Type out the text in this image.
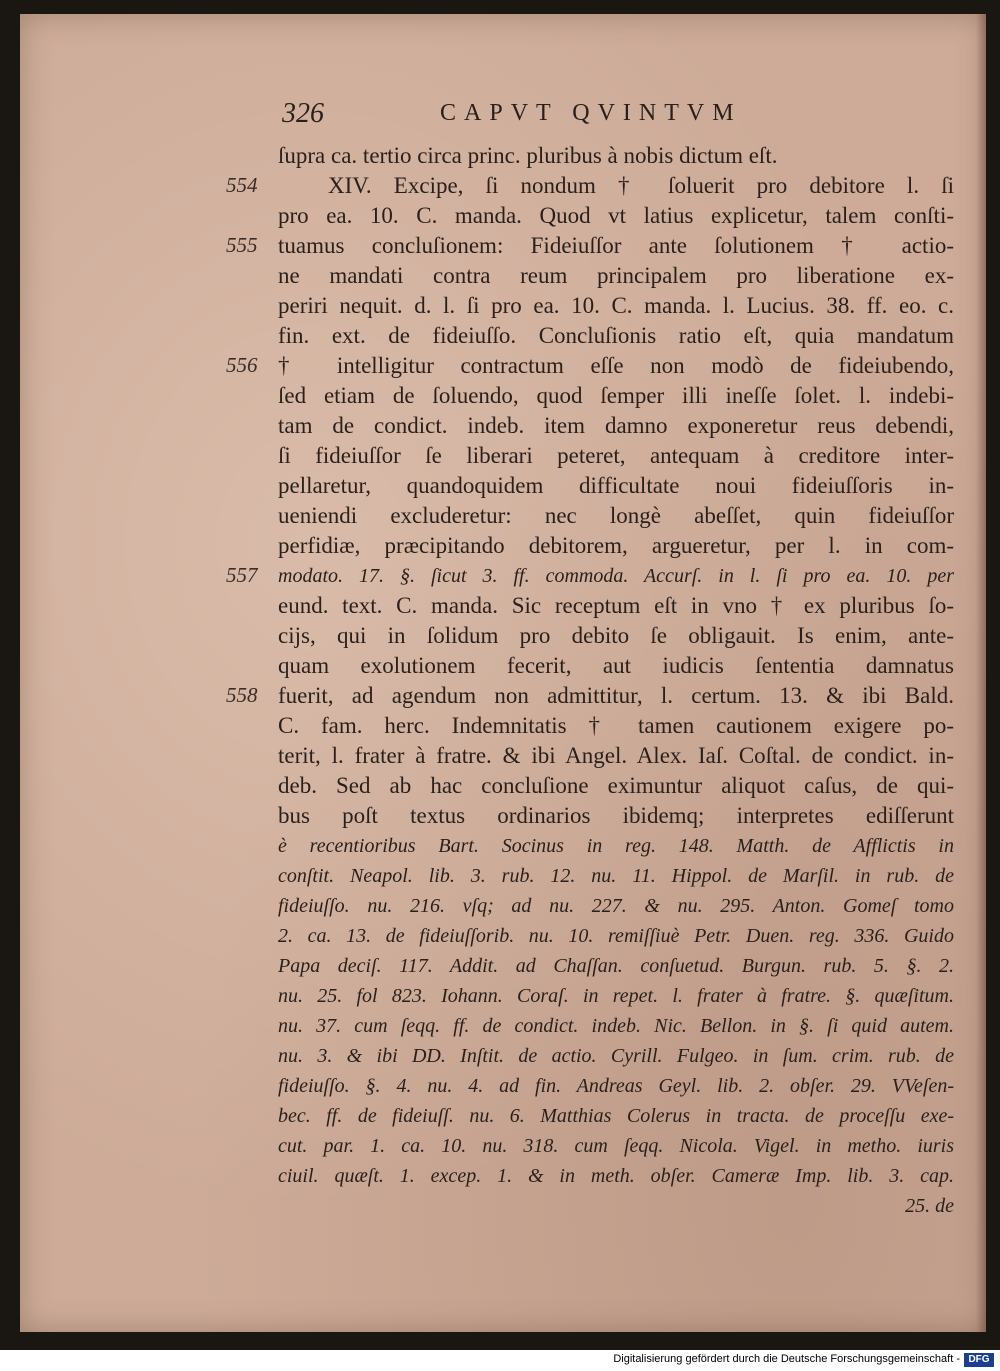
326	CAPVT QVINTVM
554
555
556
557
558
ſupra ca. tertio circa princ. pluribus à nobis dictum eſt.
XIV. Excipe, ſi nondum † ſoluerit pro debitore l. ſi
pro ea. 10. C. manda. Quod vt latius explicetur, talem conſti-
tuamus concluſionem: Fideiuſſor ante ſolutionem † actio-
ne mandati contra reum principalem pro liberatione ex-
periri nequit. d. l. ſi pro ea. 10. C. manda. l. Lucius. 38. ff. eo. c.
fin. ext. de fideiuſſo. Concluſionis ratio eſt, quia mandatum
† intelligitur contractum eſſe non modò de fideiubendo,
ſed etiam de ſoluendo, quod ſemper illi ineſſe ſolet. l. indebi-
tam de condict. indeb. item damno exponeretur reus debendi,
ſi fideiuſſor ſe liberari peteret, antequam à creditore inter-
pellaretur, quandoquidem difficultate noui fideiuſſoris in-
ueniendi excluderetur: nec longè abeſſet, quin fideiuſſor
perfidiæ, præcipitando debitorem, argueretur, per l. in com-
modato. 17. §. ſicut 3. ff. commoda. Accurſ. in l. ſi pro ea. 10. per
eund. text. C. manda. Sic receptum eſt in vno † ex pluribus ſo-
cijs, qui in ſolidum pro debito ſe obligauit. Is enim, ante-
quam exolutionem fecerit, aut iudicis ſententia damnatus
fuerit, ad agendum non admittitur, l. certum. 13. & ibi Bald.
C. fam. herc. Indemnitatis † tamen cautionem exigere po-
terit, l. frater à fratre. & ibi Angel. Alex. Iaſ. Coſtal. de condict. in-
deb. Sed ab hac concluſione eximuntur aliquot caſus, de qui-
bus poſt textus ordinarios ibidemq; interpretes ediſſerunt
è recentioribus Bart. Socinus in reg. 148. Matth. de Afflictis in
conſtit. Neapol. lib. 3. rub. 12. nu. 11. Hippol. de Marſil. in rub. de
fideiuſſo. nu. 216. vſq; ad nu. 227. & nu. 295. Anton. Gomeſ tomo
2. ca. 13. de fideiuſſorib. nu. 10. remiſſiuè Petr. Duen. reg. 336. Guido
Papa deciſ. 117. Addit. ad Chaſſan. conſuetud. Burgun. rub. 5. §. 2.
nu. 25. fol 823. Iohann. Coraſ. in repet. l. frater à fratre. §. quæſitum.
nu. 37. cum ſeqq. ff. de condict. indeb. Nic. Bellon. in §. ſi quid autem.
nu. 3. & ibi DD. Inſtit. de actio. Cyrill. Fulgeo. in ſum. crim. rub. de
fideiuſſo. §. 4. nu. 4. ad fin. Andreas Geyl. lib. 2. obſer. 29. VVeſen-
bec. ff. de fideiuſſ. nu. 6. Matthias Colerus in tracta. de proceſſu exe-
cut. par. 1. ca. 10. nu. 318. cum ſeqq. Nicola. Vigel. in metho. iuris
ciuil. quæſt. 1. excep. 1. & in meth. obſer. Cameræ Imp. lib. 3. cap.
25. de
Digitalisierung gefördert durch die Deutsche Forschungsgemeinschaft - DFG
